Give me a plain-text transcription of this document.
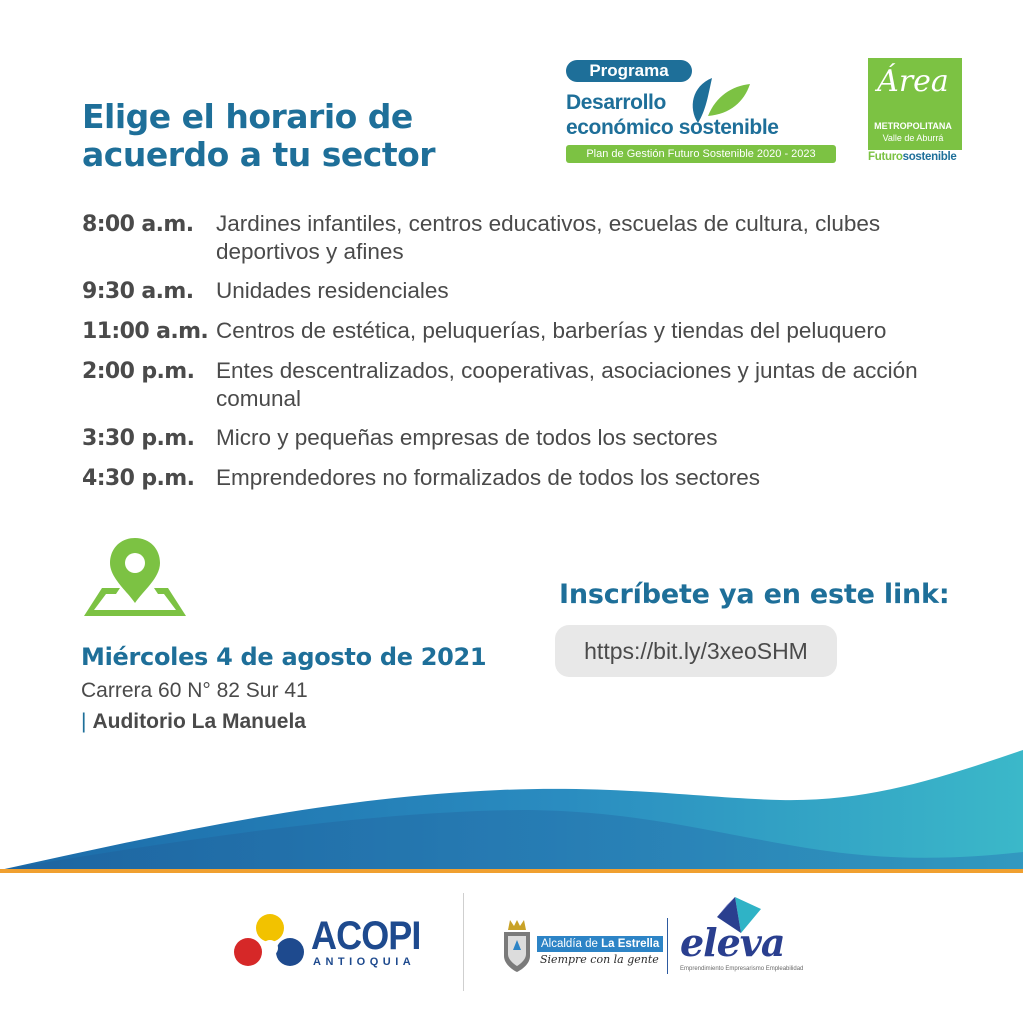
Elige el horario de
acuerdo a tu sector
Programa
Desarrollo
económico sostenible
Plan de Gestión Futuro Sostenible 2020 - 2023
Área
METROPOLITANA
Valle de Aburrá
Futurosostenible
8:00 a.m.	Jardines infantiles, centros educativos, escuelas de cultura, clubes deportivos y afines
9:30 a.m.	Unidades residenciales
11:00 a.m. Centros de estética, peluquerías, barberías y tiendas del peluquero
2:00 p.m. Entes descentralizados, cooperativas, asociaciones y juntas de acción comunal
3:30 p.m. Micro y pequeñas empresas de todos los sectores
4:30 p.m. Emprendedores no formalizados de todos los sectores
Miércoles 4 de agosto de 2021
Carrera 60 N° 82 Sur 41
| Auditorio La Manuela
Inscríbete ya en este link:
https://bit.ly/3xeoSHM
ACOPI
ANTIOQUIA
Alcaldía de La Estrella
Siempre con la gente eleva
Emprendimiento Empresarismo Empleabilidad
